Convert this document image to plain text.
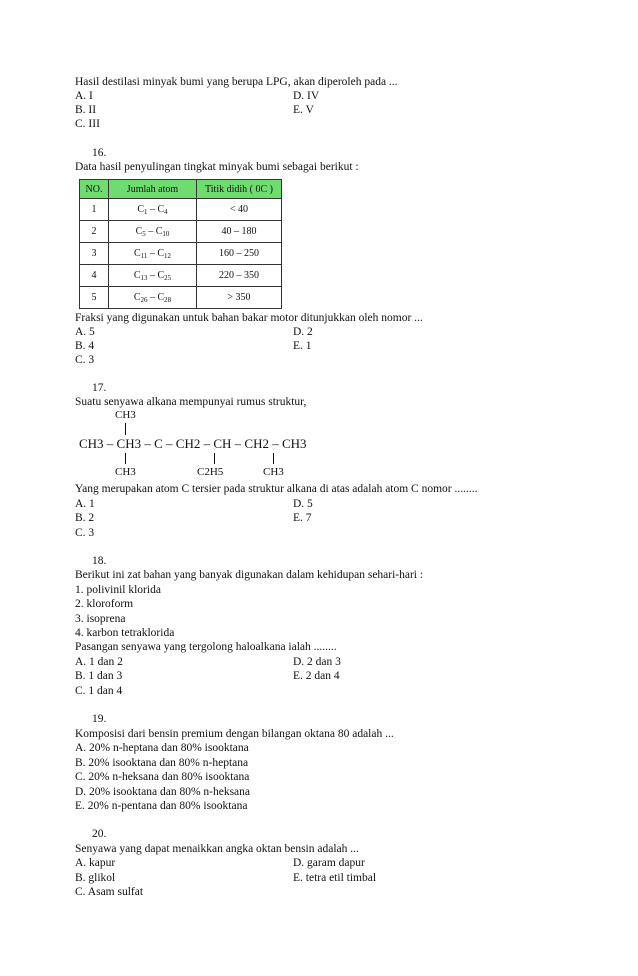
Hasil destilasi minyak bumi yang berupa LPG, akan diperoleh pada ...
A. I	D. IV
B. II	E. V
C. III
16.
Data hasil penyulingan tingkat minyak bumi sebagai berikut :
NO.	Jumlah atom	Titik didih ( 0C )
1	$C_1 - C_4$	< 40
2	$C_5 - C_{10}$	40 – 180
3	$C_{11} - C_{12}$	160 – 250
4	$C_{13} - C_{25}$	220 – 350
5	$C_{26} - C_{28}$	> 350
Fraksi yang digunakan untuk bahan bakar motor ditunjukkan oleh nomor ...
A. 5	D. 2
B. 4	E. 1
C. 3
17.
Suatu senyawa alkana mempunyai rumus struktur,
CH3
CH3 – CH3 – C – CH2 – CH – CH2 – CH3
CH3	C2H5	CH3
Yang merupakan atom C tersier pada struktur alkana di atas adalah atom C nomor ........
A. 1	D. 5
B. 2	E. 7
C. 3
18.
Berikut ini zat bahan yang banyak digunakan dalam kehidupan sehari-hari :
1. polivinil klorida
2. kloroform
3. isoprena
4. karbon tetraklorida
Pasangan senyawa yang tergolong haloalkana ialah ........
A. 1 dan 2	D. 2 dan 3
B. 1 dan 3	E. 2 dan 4
C. 1 dan 4
19.
Komposisi dari bensin premium dengan bilangan oktana 80 adalah ...
A. 20% n-heptana dan 80% isooktana
B. 20% isooktana dan 80% n-heptana
C. 20% n-heksana dan 80% isooktana
D. 20% isooktana dan 80% n-heksana
E. 20% n-pentana dan 80% isooktana
20.
Senyawa yang dapat menaikkan angka oktan bensin adalah ...
A. kapur	D. garam dapur
B. glikol	E. tetra etil timbal
C. Asam sulfat
